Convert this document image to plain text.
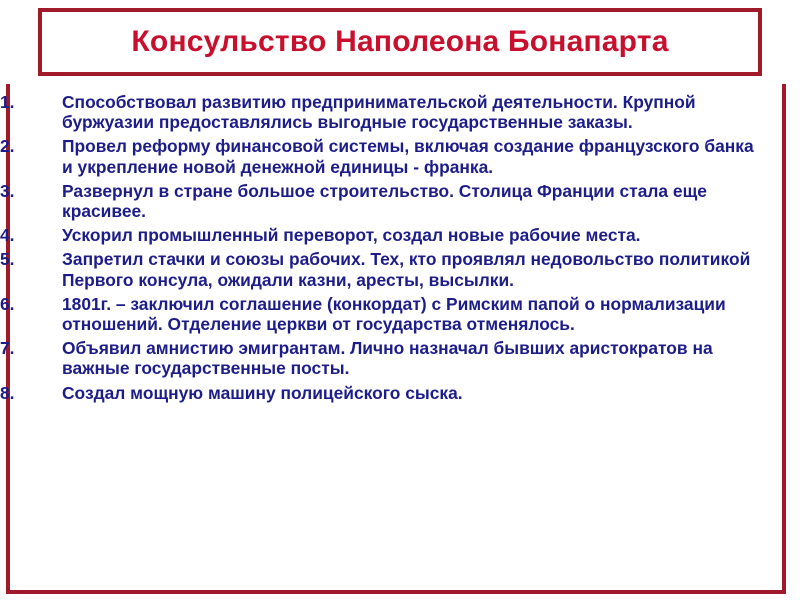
Консульство Наполеона Бонапарта
1.	Способствовал развитию предпринимательской деятельности. Крупной буржуазии предоставлялись выгодные государственные заказы.
2.	Провел реформу финансовой системы, включая создание французского банка и укрепление новой денежной единицы - франка.
3.	Развернул в стране большое строительство. Столица Франции стала еще красивее.
4.	Ускорил промышленный переворот, создал новые рабочие места.
5.	Запретил стачки и союзы рабочих. Тех, кто проявлял недовольство политикой Первого консула, ожидали казни, аресты, высылки.
6.	1801г. – заключил соглашение (конкордат) с Римским папой о нормализации отношений. Отделение церкви от государства отменялось.
7.	Объявил амнистию эмигрантам. Лично назначал бывших аристократов на важные государственные посты.
8.	Создал мощную машину полицейского сыска.
